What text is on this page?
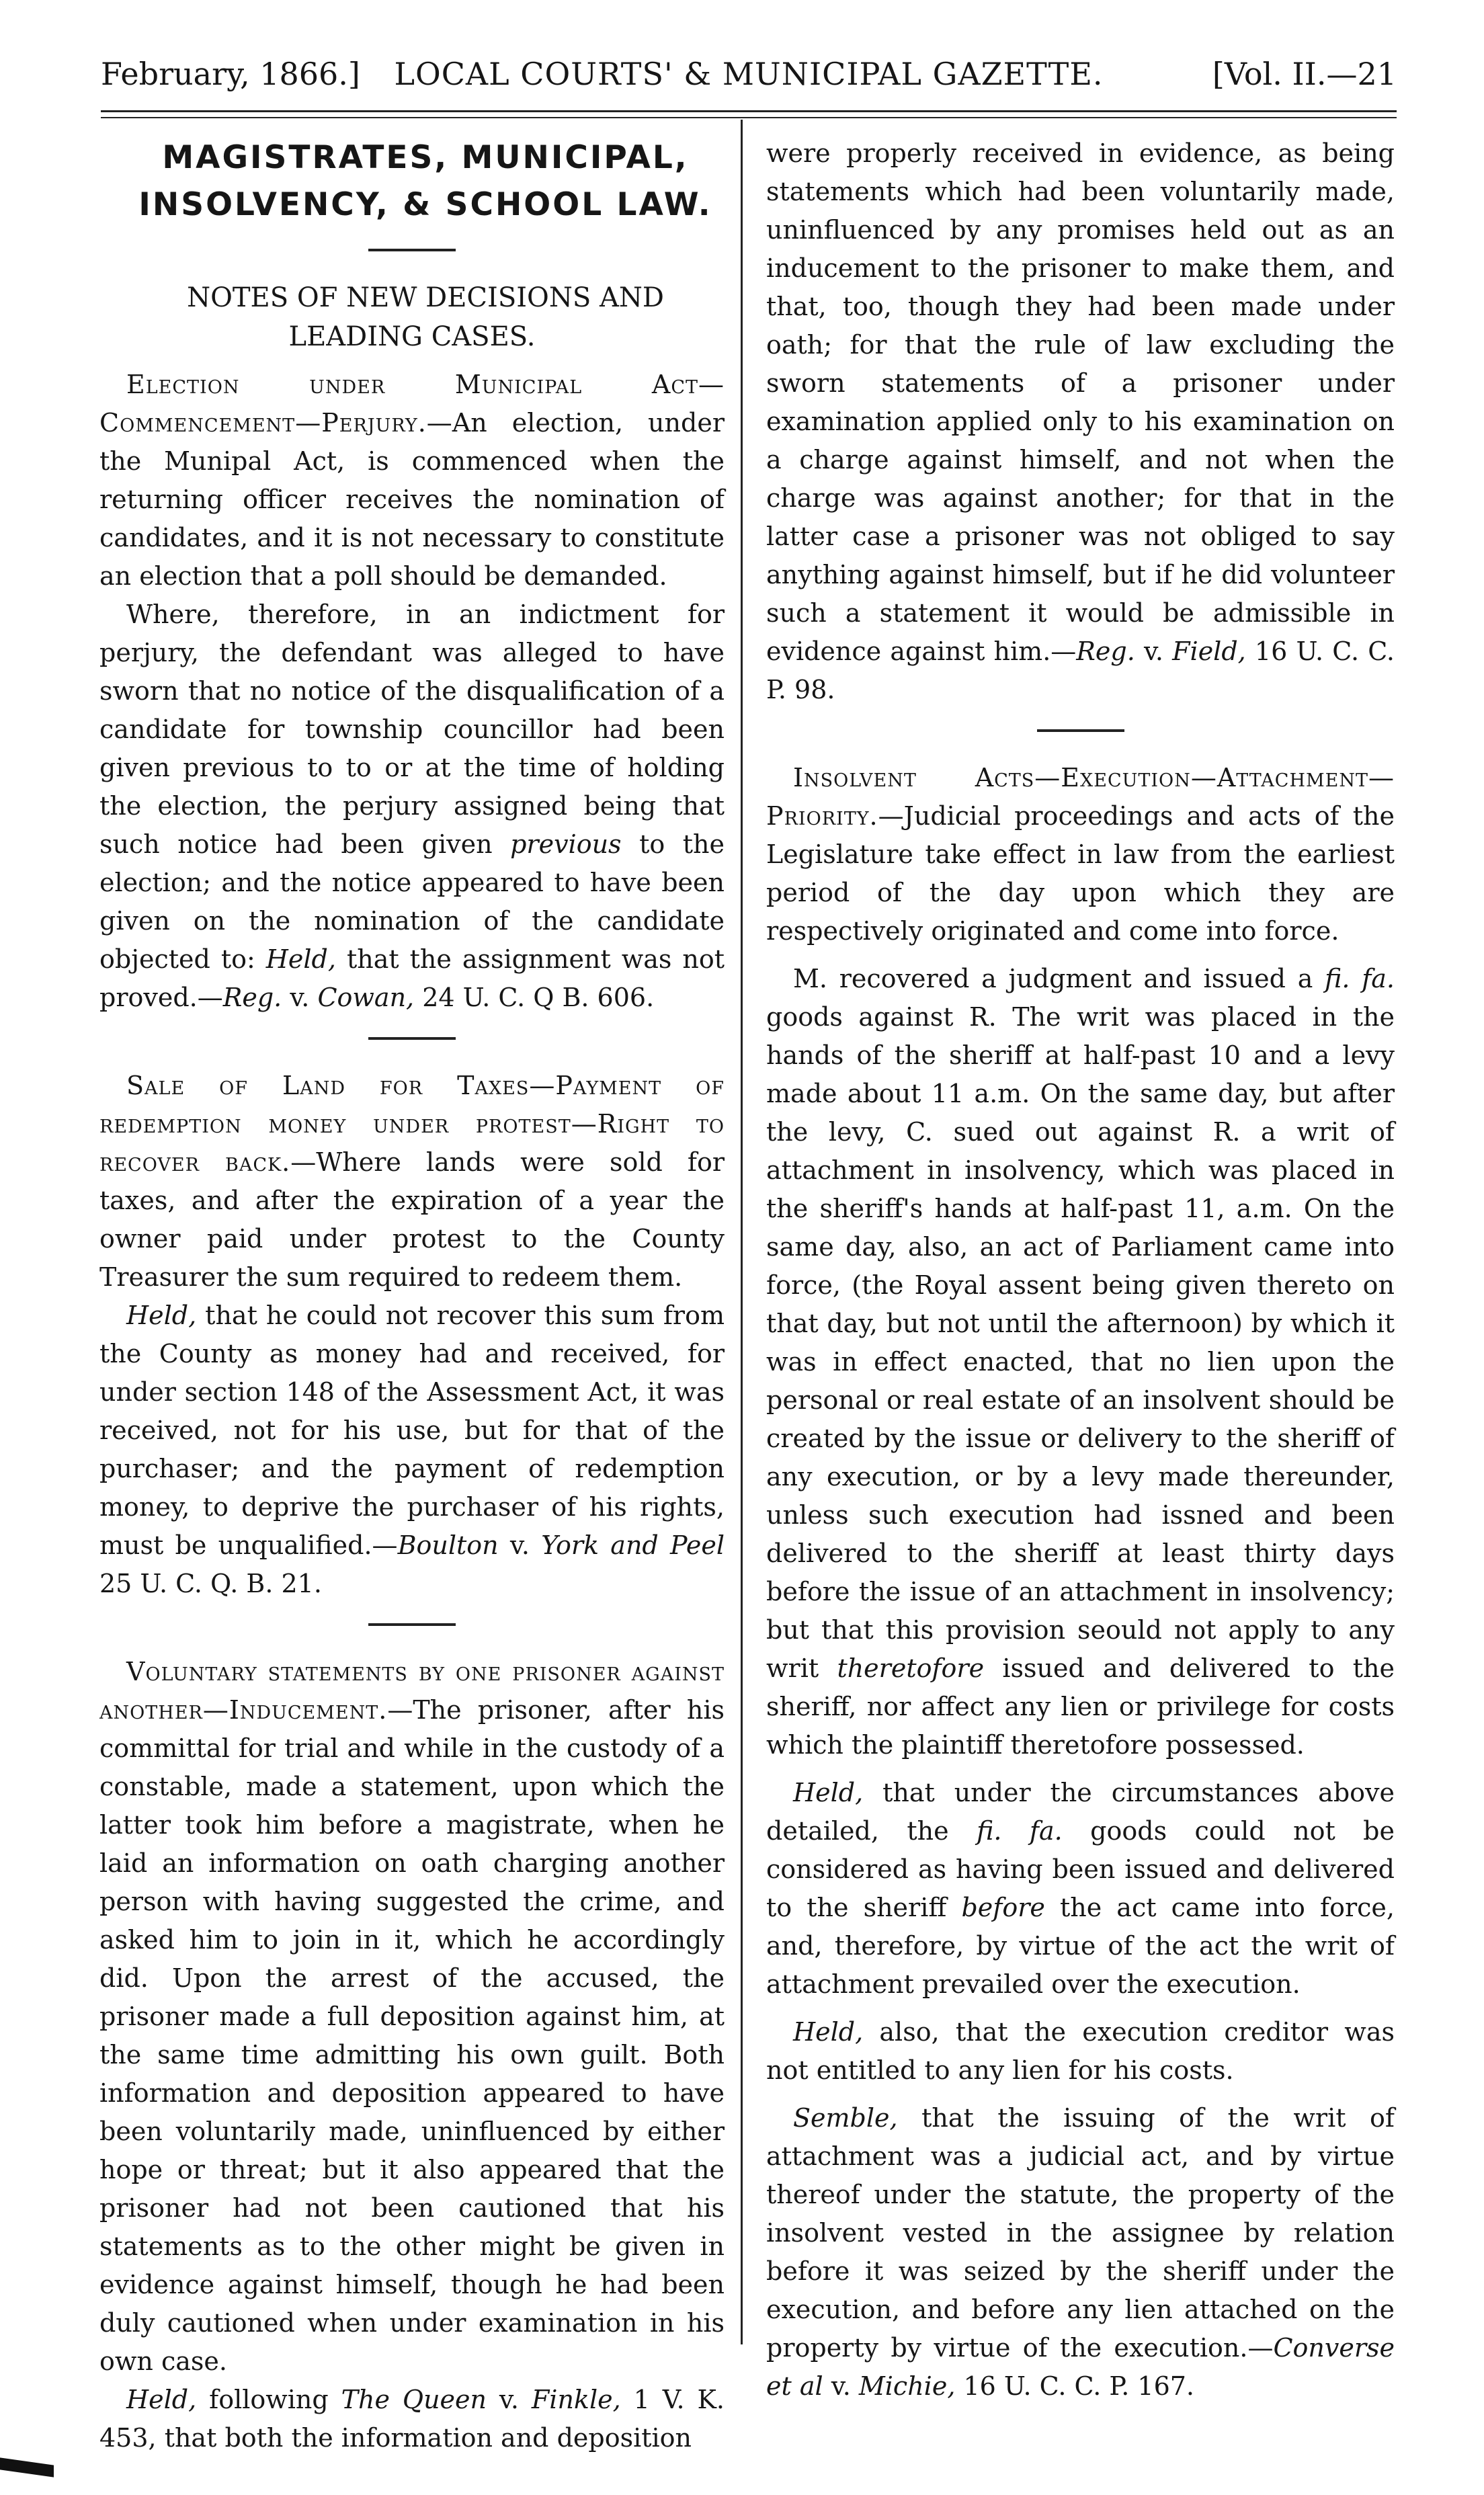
February, 1866.]	LOCAL COURTS' & MUNICIPAL GAZETTE.	[Vol. II.—21

MAGISTRATES, MUNICIPAL,

INSOLVENCY, & SCHOOL LAW.

NOTES OF NEW DECISIONS AND LEADING CASES.

Election under Municipal Act—Commencement—Perjury.—An election, under the Munipal Act, is commenced when the returning officer receives the nomination of candidates, and it is not necessary to constitute an election that a poll should be demanded.

Where, therefore, in an indictment for perjury, the defendant was alleged to have sworn that no notice of the disqualification of a candidate for township councillor had been given previous to to or at the time of holding the election, the perjury assigned being that such notice had been given previous to the election; and the notice appeared to have been given on the nomination of the candidate objected to: Held, that the assignment was not proved.—Reg. v. Cowan, 24 U. C. Q B. 606.

Sale of Land for Taxes—Payment of redemption money under protest—Right to recover back.—Where lands were sold for taxes, and after the expiration of a year the owner paid under protest to the County Treasurer the sum required to redeem them.

Held, that he could not recover this sum from the County as money had and received, for under section 148 of the Assessment Act, it was received, not for his use, but for that of the purchaser; and the payment of redemption money, to deprive the purchaser of his rights, must be unqualified.—Boulton v. York and Peel 25 U. C. Q. B. 21.

Voluntary statements by one prisoner against another—Inducement.—The prisoner, after his committal for trial and while in the custody of a constable, made a statement, upon which the latter took him before a magistrate, when he laid an information on oath charging another person with having suggested the crime, and asked him to join in it, which he accordingly did. Upon the arrest of the accused, the prisoner made a full deposition against him, at the same time admitting his own guilt. Both information and deposition appeared to have been voluntarily made, uninfluenced by either hope or threat; but it also appeared that the prisoner had not been cautioned that his statements as to the other might be given in evidence against himself, though he had been duly cautioned when under examination in his own case.

Held, following The Queen v. Finkle, 1 V. K. 453, that both the information and deposition

were properly received in evidence, as being statements which had been voluntarily made, uninfluenced by any promises held out as an inducement to the prisoner to make them, and that, too, though they had been made under oath; for that the rule of law excluding the sworn statements of a prisoner under examination applied only to his examination on a charge against himself, and not when the charge was against another; for that in the latter case a prisoner was not obliged to say anything against himself, but if he did volunteer such a statement it would be admissible in evidence against him.—Reg. v. Field, 16 U. C. C. P. 98.

Insolvent Acts—Execution—Attachment—Priority.—Judicial proceedings and acts of the Legislature take effect in law from the earliest period of the day upon which they are respectively originated and come into force.

M. recovered a judgment and issued a fi. fa. goods against R. The writ was placed in the hands of the sheriff at half-past 10 and a levy made about 11 a.m. On the same day, but after the levy, C. sued out against R. a writ of attachment in insolvency, which was placed in the sheriff's hands at half-past 11, a.m. On the same day, also, an act of Parliament came into force, (the Royal assent being given thereto on that day, but not until the afternoon) by which it was in effect enacted, that no lien upon the personal or real estate of an insolvent should be created by the issue or delivery to the sheriff of any execution, or by a levy made thereunder, unless such execution had issned and been delivered to the sheriff at least thirty days before the issue of an attachment in insolvency; but that this provision seould not apply to any writ theretofore issued and delivered to the sheriff, nor affect any lien or privilege for costs which the plaintiff theretofore possessed.

Held, that under the circumstances above detailed, the fi. fa. goods could not be considered as having been issued and delivered to the sheriff before the act came into force, and, therefore, by virtue of the act the writ of attachment prevailed over the execution.

Held, also, that the execution creditor was not entitled to any lien for his costs.

Semble, that the issuing of the writ of attachment was a judicial act, and by virtue thereof under the statute, the property of the insolvent vested in the assignee by relation before it was seized by the sheriff under the execution, and before any lien attached on the property by virtue of the execution.—Converse et al v. Michie, 16 U. C. C. P. 167.
